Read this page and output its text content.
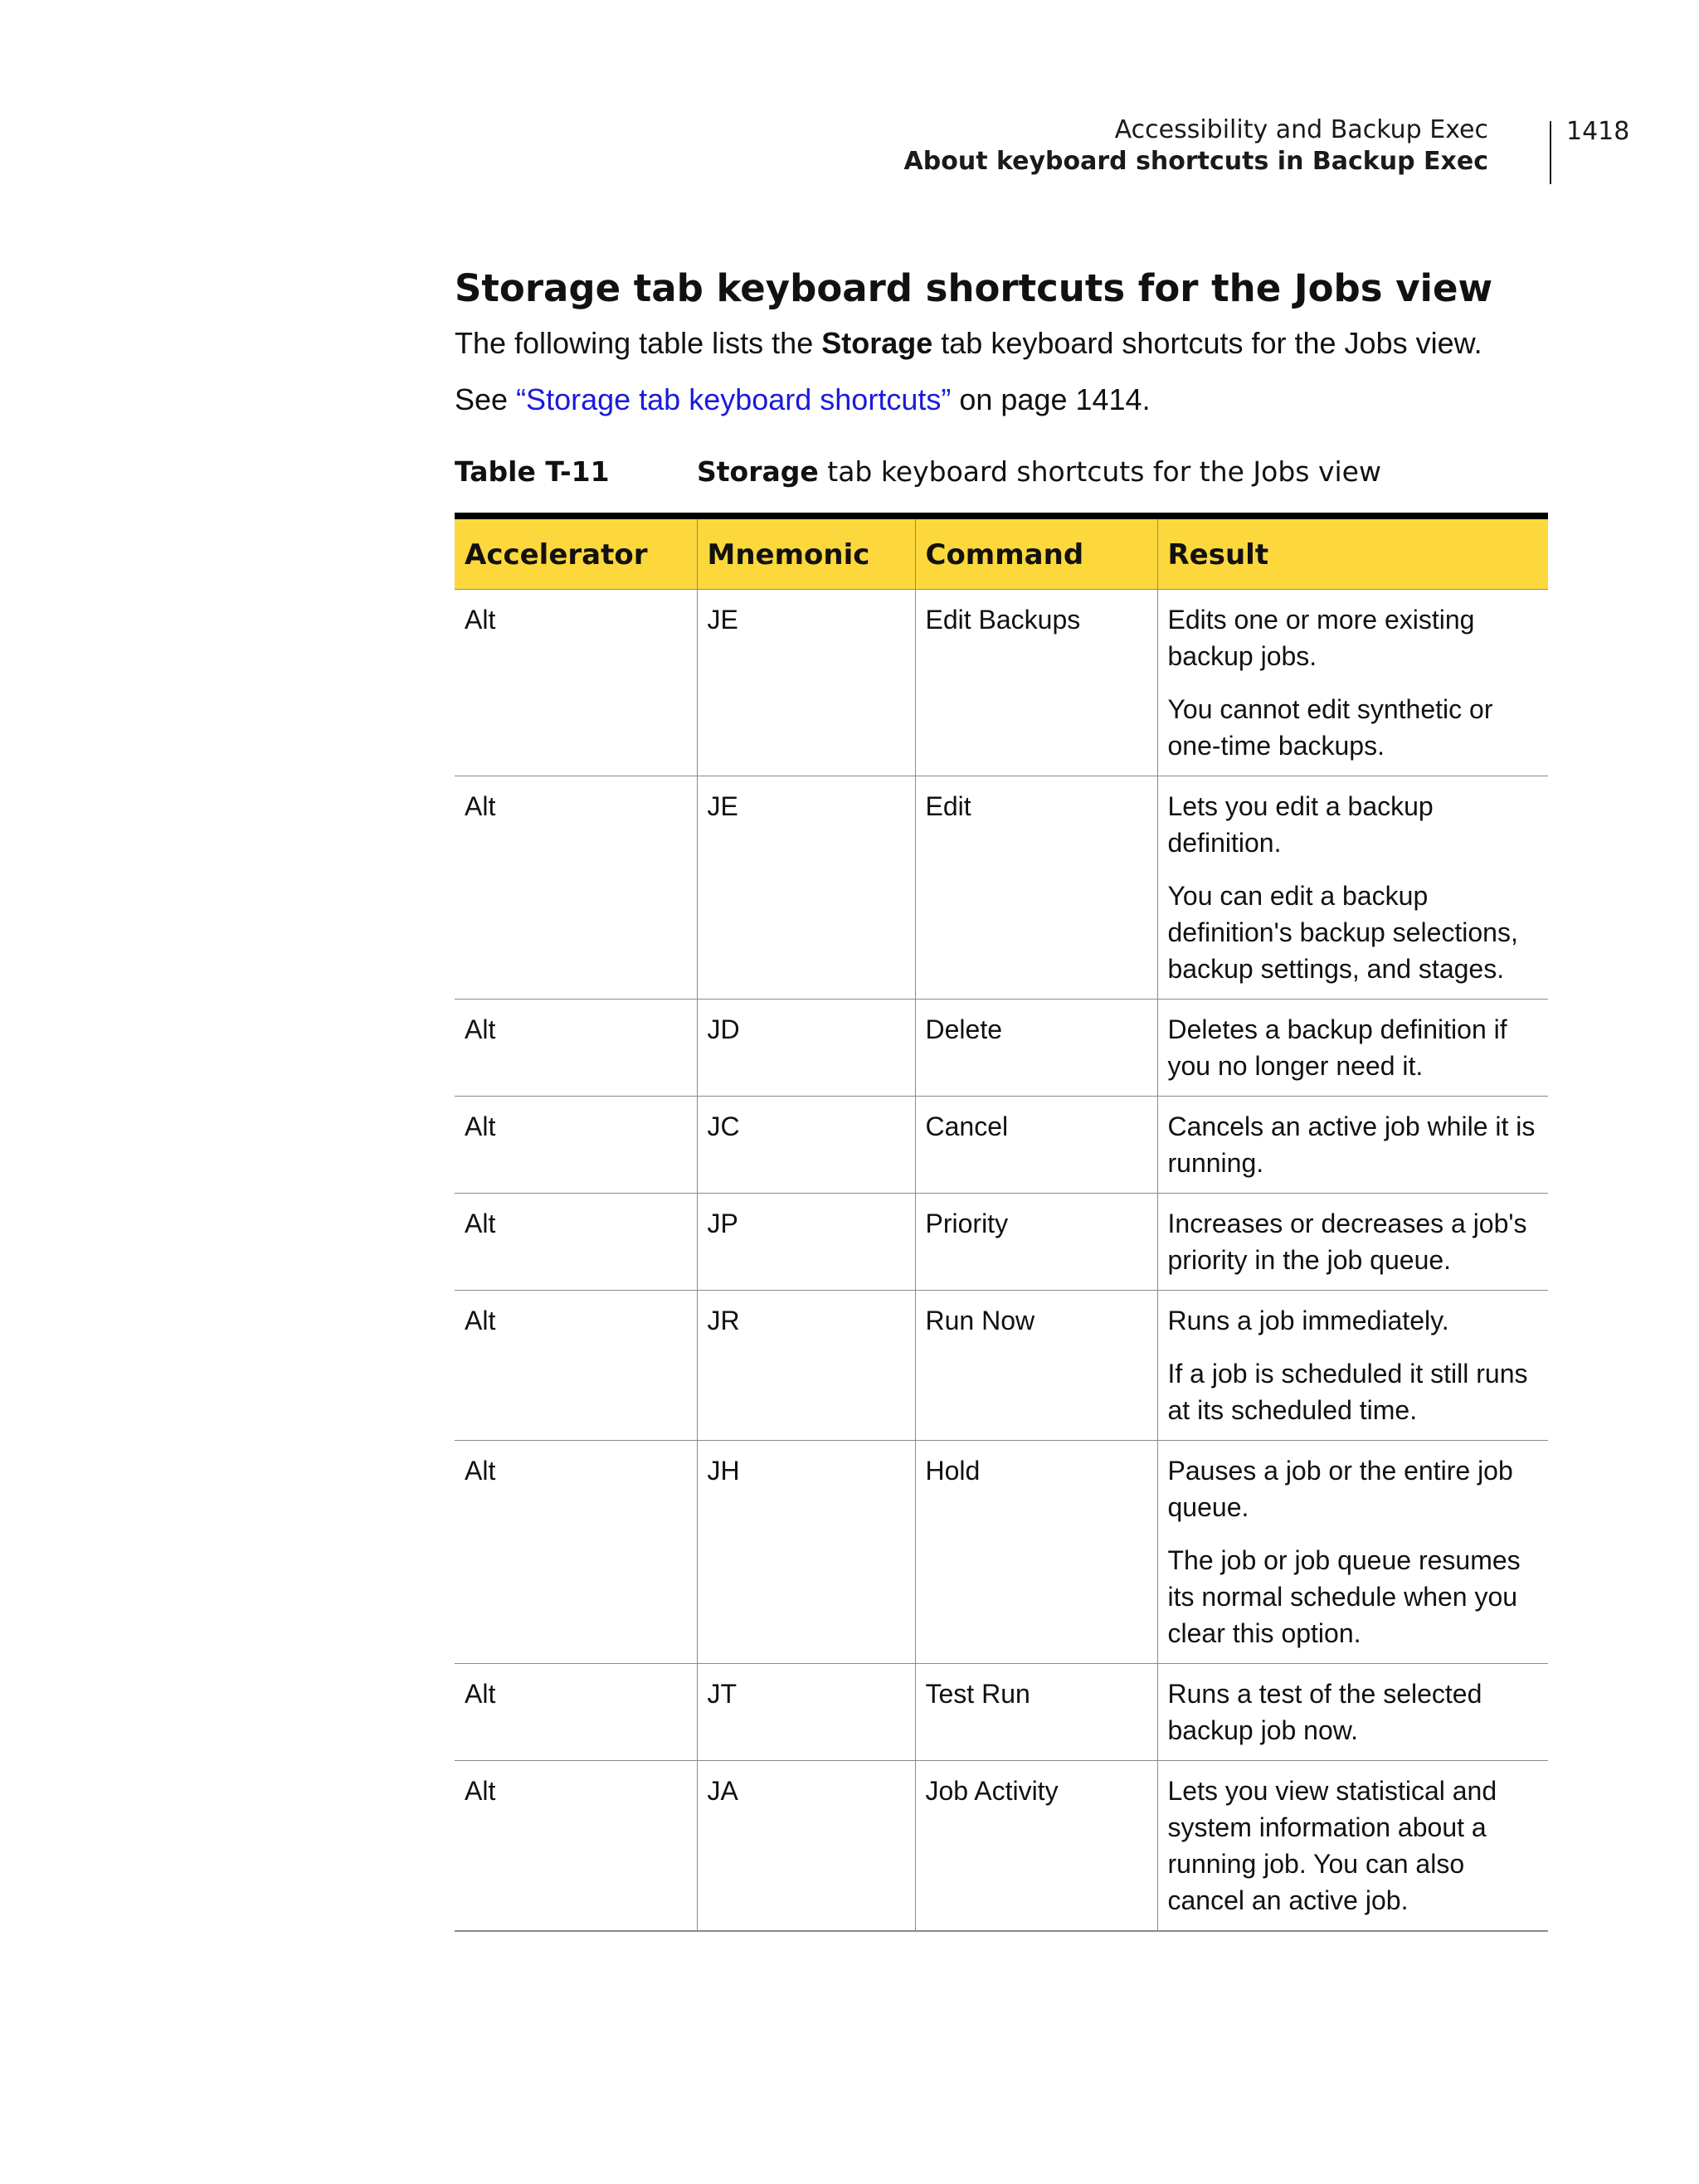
Accessibility and Backup Exec
About keyboard shortcuts in Backup Exec
1418
Storage tab keyboard shortcuts for the Jobs view

The following table lists the Storage tab keyboard shortcuts for the Jobs view.

See “Storage tab keyboard shortcuts” on page 1414.

Table T-11	Storage tab keyboard shortcuts for the Jobs view
Accelerator	Mnemonic	Command	Result
Alt	JE	Edit Backups	Edits one or more existing backup jobs.

You cannot edit synthetic or one-time backups.

Alt	JE	Edit	Lets you edit a backup definition.

You can edit a backup definition's backup selections, backup settings, and stages.

Alt	JD	Delete	Deletes a backup definition if you no longer need it.

Alt	JC	Cancel	Cancels an active job while it is running.

Alt	JP	Priority	Increases or decreases a job's priority in the job queue.

Alt	JR	Run Now	Runs a job immediately.

If a job is scheduled it still runs at its scheduled time.

Alt	JH	Hold	Pauses a job or the entire job queue.

The job or job queue resumes its normal schedule when you clear this option.

Alt	JT	Test Run	Runs a test of the selected backup job now.

Alt	JA	Job Activity	Lets you view statistical and system information about a running job. You can also cancel an active job.
